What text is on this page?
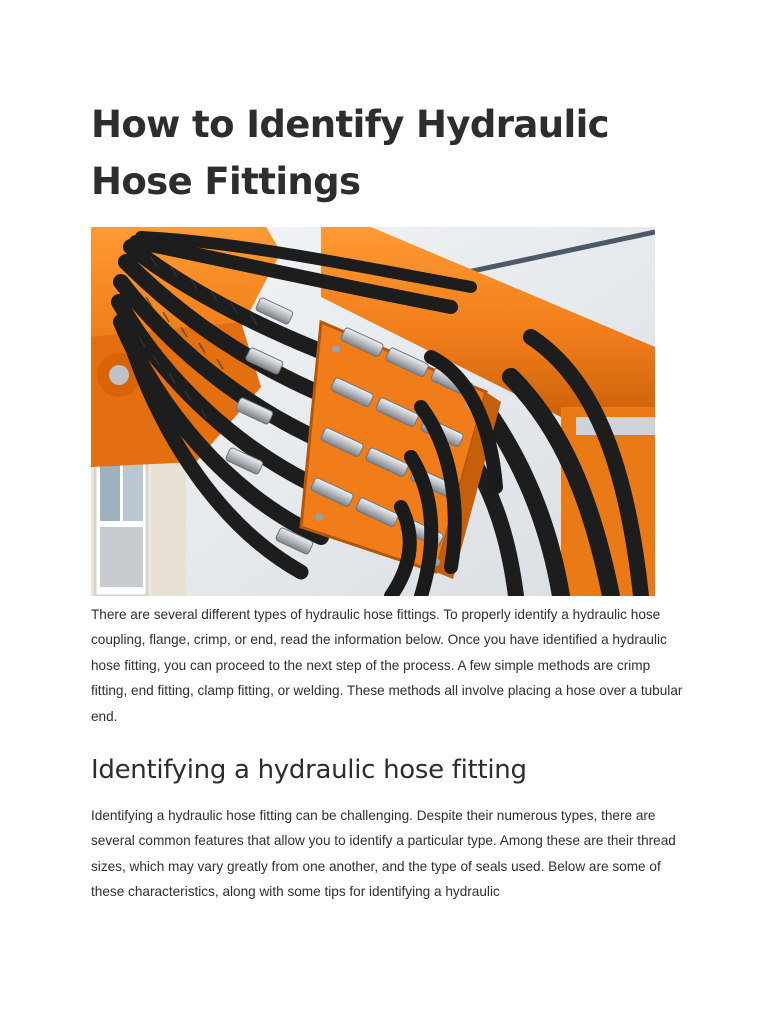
How to Identify Hydraulic Hose Fittings

There are several different types of hydraulic hose fittings. To properly identify a hydraulic hose coupling, flange, crimp, or end, read the information below. Once you have identified a hydraulic hose fitting, you can proceed to the next step of the process. A few simple methods are crimp fitting, end fitting, clamp fitting, or welding. These methods all involve placing a hose over a tubular end.

Identifying a hydraulic hose fitting

Identifying a hydraulic hose fitting can be challenging. Despite their numerous types, there are several common features that allow you to identify a particular type. Among these are their thread sizes, which may vary greatly from one another, and the type of seals used. Below are some of these characteristics, along with some tips for identifying a hydraulic
